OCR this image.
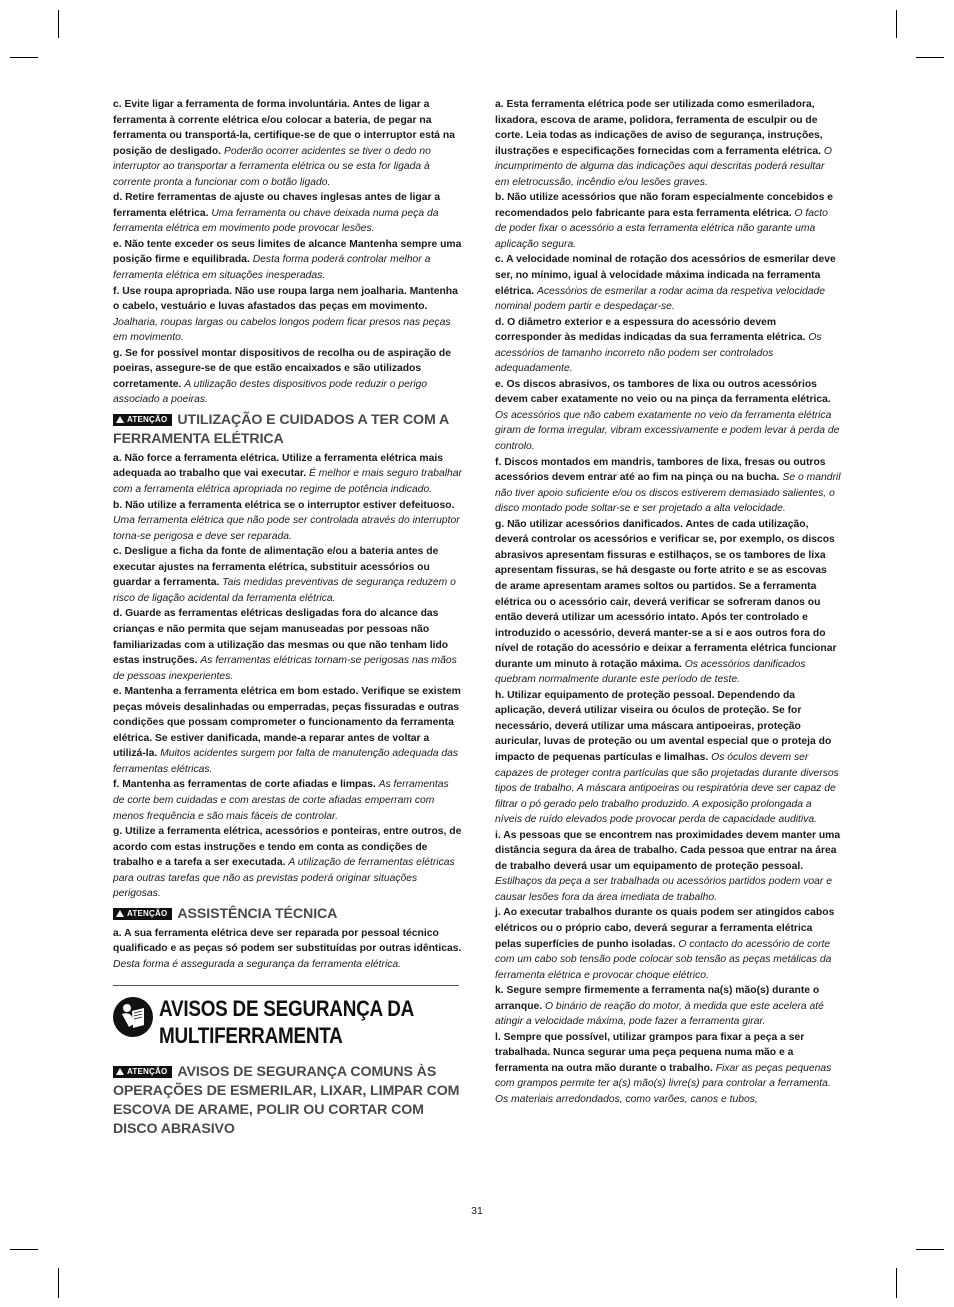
c. Evite ligar a ferramenta de forma involuntária. Antes de ligar a ferramenta à corrente elétrica e/ou colocar a bateria, de pegar na ferramenta ou transportá-la, certifique-se de que o interruptor está na posição de desligado. Poderão ocorrer acidentes se tiver o dedo no interruptor ao transportar a ferramenta elétrica ou se esta for ligada à corrente pronta a funcionar com o botão ligado.

d. Retire ferramentas de ajuste ou chaves inglesas antes de ligar a ferramenta elétrica. Uma ferramenta ou chave deixada numa peça da ferramenta elétrica em movimento pode provocar lesões.

e. Não tente exceder os seus limites de alcance Mantenha sempre uma posição firme e equilibrada. Desta forma poderá controlar melhor a ferramenta elétrica em situações inesperadas.

f. Use roupa apropriada. Não use roupa larga nem joalharia. Mantenha o cabelo, vestuário e luvas afastados das peças em movimento. Joalharia, roupas largas ou cabelos longos podem ficar presos nas peças em movimento.

g. Se for possível montar dispositivos de recolha ou de aspiração de poeiras, assegure-se de que estão encaixados e são utilizados corretamente. A utilização destes dispositivos pode reduzir o perigo associado a poeiras.

ATENÇÃO UTILIZAÇÃO E CUIDADOS A TER COM A FERRAMENTA ELÉTRICA

a. Não force a ferramenta elétrica. Utilize a ferramenta elétrica mais adequada ao trabalho que vai executar. É melhor e mais seguro trabalhar com a ferramenta elétrica apropriada no regime de potência indicado.

b. Não utilize a ferramenta elétrica se o interruptor estiver defeituoso. Uma ferramenta elétrica que não pode ser controlada através do interruptor torna-se perigosa e deve ser reparada.

c. Desligue a ficha da fonte de alimentação e/ou a bateria antes de executar ajustes na ferramenta elétrica, substituir acessórios ou guardar a ferramenta. Tais medidas preventivas de segurança reduzem o risco de ligação acidental da ferramenta elétrica.

d. Guarde as ferramentas elétricas desligadas fora do alcance das crianças e não permita que sejam manuseadas por pessoas não familiarizadas com a utilização das mesmas ou que não tenham lido estas instruções. As ferramentas elétricas tornam-se perigosas nas mãos de pessoas inexperientes.

e. Mantenha a ferramenta elétrica em bom estado. Verifique se existem peças móveis desalinhadas ou emperradas, peças fissuradas e outras condições que possam comprometer o funcionamento da ferramenta elétrica. Se estiver danificada, mande-a reparar antes de voltar a utilizá-la. Muitos acidentes surgem por falta de manutenção adequada das ferramentas elétricas.

f. Mantenha as ferramentas de corte afiadas e limpas. As ferramentas de corte bem cuidadas e com arestas de corte afiadas emperram com menos frequência e são mais fáceis de controlar.

g. Utilize a ferramenta elétrica, acessórios e ponteiras, entre outros, de acordo com estas instruções e tendo em conta as condições de trabalho e a tarefa a ser executada. A utilização de ferramentas elétricas para outras tarefas que não as previstas poderá originar situações perigosas.

ATENÇÃO ASSISTÊNCIA TÉCNICA

a. A sua ferramenta elétrica deve ser reparada por pessoal técnico qualificado e as peças só podem ser substituídas por outras idênticas. Desta forma é assegurada a segurança da ferramenta elétrica.

AVISOS DE SEGURANÇA DA MULTIFERRAMENTA
ATENÇÃO AVISOS DE SEGURANÇA COMUNS ÀS OPERAÇÕES DE ESMERILAR, LIXAR, LIMPAR COM ESCOVA DE ARAME, POLIR OU CORTAR COM DISCO ABRASIVO

a. Esta ferramenta elétrica pode ser utilizada como esmeriladora, lixadora, escova de arame, polidora, ferramenta de esculpir ou de corte. Leia todas as indicações de aviso de segurança, instruções, ilustrações e especificações fornecidas com a ferramenta elétrica. O incumprimento de alguma das indicações aqui descritas poderá resultar em eletrocussão, incêndio e/ou lesões graves.

b. Não utilize acessórios que não foram especialmente concebidos e recomendados pelo fabricante para esta ferramenta elétrica. O facto de poder fixar o acessório a esta ferramenta elétrica não garante uma aplicação segura.

c. A velocidade nominal de rotação dos acessórios de esmerilar deve ser, no mínimo, igual à velocidade máxima indicada na ferramenta elétrica. Acessórios de esmerilar a rodar acima da respetiva velocidade nominal podem partir e despedaçar-se.

d. O diâmetro exterior e a espessura do acessório devem corresponder às medidas indicadas da sua ferramenta elétrica. Os acessórios de tamanho incorreto não podem ser controlados adequadamente.

e. Os discos abrasivos, os tambores de lixa ou outros acessórios devem caber exatamente no veio ou na pinça da ferramenta elétrica. Os acessórios que não cabem exatamente no veio da ferramenta elétrica giram de forma irregular, vibram excessivamente e podem levar à perda de controlo.

f. Discos montados em mandris, tambores de lixa, fresas ou outros acessórios devem entrar até ao fim na pinça ou na bucha. Se o mandril não tiver apoio suficiente e/ou os discos estiverem demasiado salientes, o disco montado pode soltar-se e ser projetado a alta velocidade.

g. Não utilizar acessórios danificados. Antes de cada utilização, deverá controlar os acessórios e verificar se, por exemplo, os discos abrasivos apresentam fissuras e estilhaços, se os tambores de lixa apresentam fissuras, se há desgaste ou forte atrito e se as escovas de arame apresentam arames soltos ou partidos. Se a ferramenta elétrica ou o acessório cair, deverá verificar se sofreram danos ou então deverá utilizar um acessório intato. Após ter controlado e introduzido o acessório, deverá manter-se a si e aos outros fora do nível de rotação do acessório e deixar a ferramenta elétrica funcionar durante um minuto à rotação máxima. Os acessórios danificados quebram normalmente durante este período de teste.

h. Utilizar equipamento de proteção pessoal. Dependendo da aplicação, deverá utilizar viseira ou óculos de proteção. Se for necessário, deverá utilizar uma máscara antipoeiras, proteção auricular, luvas de proteção ou um avental especial que o proteja do impacto de pequenas partículas e limalhas. Os óculos devem ser capazes de proteger contra partículas que são projetadas durante diversos tipos de trabalho. A máscara antipoeiras ou respiratória deve ser capaz de filtrar o pó gerado pelo trabalho produzido. A exposição prolongada a níveis de ruído elevados pode provocar perda de capacidade auditiva.

i. As pessoas que se encontrem nas proximidades devem manter uma distância segura da área de trabalho. Cada pessoa que entrar na área de trabalho deverá usar um equipamento de proteção pessoal. Estilhaços da peça a ser trabalhada ou acessórios partidos podem voar e causar lesões fora da área imediata de trabalho.

j. Ao executar trabalhos durante os quais podem ser atingidos cabos elétricos ou o próprio cabo, deverá segurar a ferramenta elétrica pelas superfícies de punho isoladas. O contacto do acessório de corte com um cabo sob tensão pode colocar sob tensão as peças metálicas da ferramenta elétrica e provocar choque elétrico.

k. Segure sempre firmemente a ferramenta na(s) mão(s) durante o arranque. O binário de reação do motor, à medida que este acelera até atingir a velocidade máxima, pode fazer a ferramenta girar.

l. Sempre que possível, utilizar grampos para fixar a peça a ser trabalhada. Nunca segurar uma peça pequena numa mão e a ferramenta na outra mão durante o trabalho. Fixar as peças pequenas com grampos permite ter a(s) mão(s) livre(s) para controlar a ferramenta. Os materiais arredondados, como varões, canos e tubos,

31
